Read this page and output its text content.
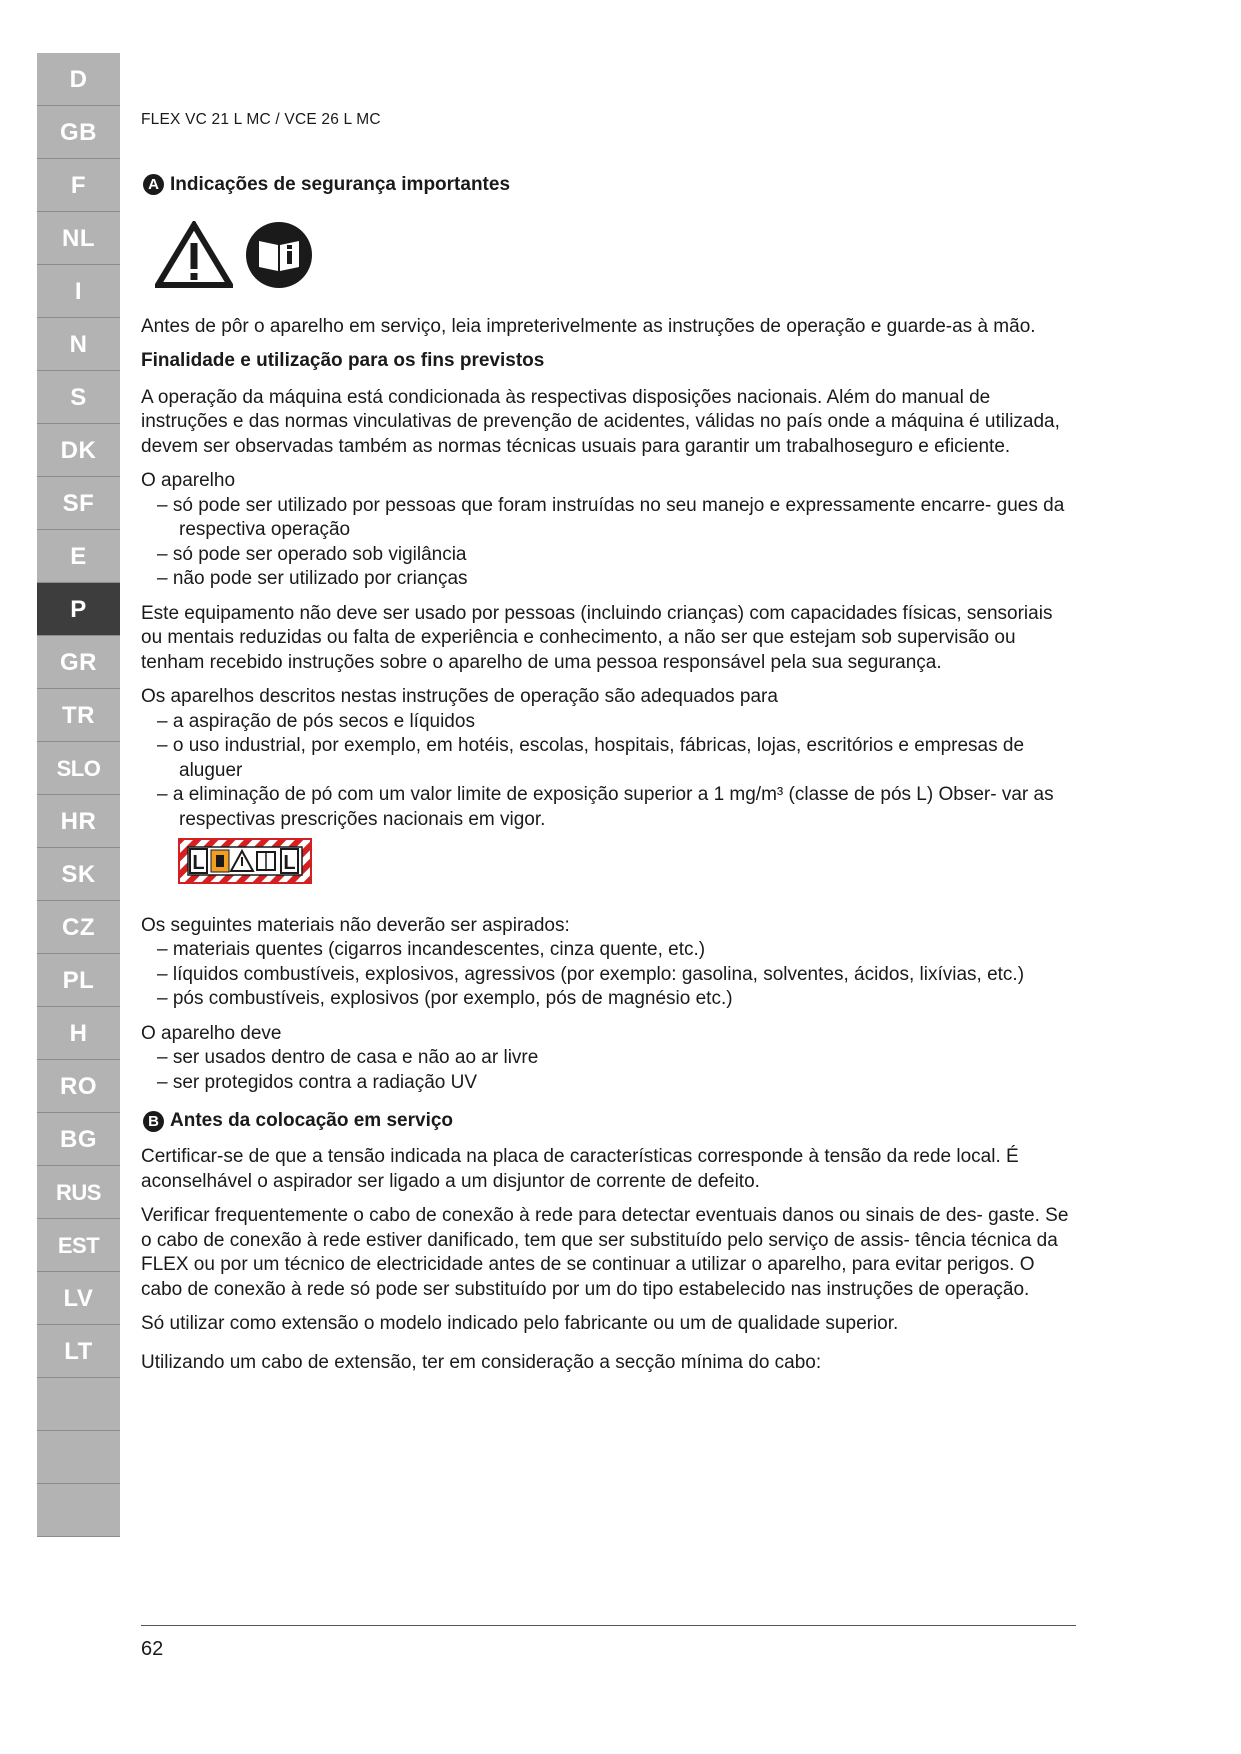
D
GB
F
NL
I
N
S
DK
SF
E
P
GR
TR
SLO
HR
SK
CZ
PL
H
RO
BG
RUS
EST
LV
LT
FLEX VC 21 L MC / VCE 26 L MC
A Indicações de segurança importantes

Antes de pôr o aparelho em serviço, leia impreterivelmente as instruções de operação e guarde-as à mão.

Finalidade e utilização para os fins previstos

A operação da máquina está condicionada às respectivas disposições nacionais. Além do manual de instruções e das normas vinculativas de prevenção de acidentes, válidas no país onde a máquina é utilizada, devem ser observadas também as normas técnicas usuais para garantir um trabalhoseguro e eficiente.

O aparelho
– só pode ser utilizado por pessoas que foram instruídas no seu manejo e expressamente encarre- gues da respectiva operação
– só pode ser operado sob vigilância
– não pode ser utilizado por crianças

Este equipamento não deve ser usado por pessoas (incluindo crianças) com capacidades físicas, sensoriais ou mentais reduzidas ou falta de experiência e conhecimento, a não ser que estejam sob supervisão ou tenham recebido instruções sobre o aparelho de uma pessoa responsável pela sua segurança.

Os aparelhos descritos nestas instruções de operação são adequados para
– a aspiração de pós secos e líquidos
– o uso industrial, por exemplo, em hotéis, escolas, hospitais, fábricas, lojas, escritórios e empresas de aluguer
– a eliminação de pó com um valor limite de exposição superior a 1 mg/m³ (classe de pós L) Obser- var as respectivas prescrições nacionais em vigor.
L	L
Os seguintes materiais não deverão ser aspirados:
– materiais quentes (cigarros incandescentes, cinza quente, etc.)
– líquidos combustíveis, explosivos, agressivos (por exemplo: gasolina, solventes, ácidos, lixívias, etc.)
– pós combustíveis, explosivos (por exemplo, pós de magnésio etc.)
O aparelho deve
– ser usados dentro de casa e não ao ar livre
– ser protegidos contra a radiação UV
B Antes da colocação em serviço

Certificar-se de que a tensão indicada na placa de características corresponde à tensão da rede local. É aconselhável o aspirador ser ligado a um disjuntor de corrente de defeito.

Verificar frequentemente o cabo de conexão à rede para detectar eventuais danos ou sinais de des- gaste. Se o cabo de conexão à rede estiver danificado, tem que ser substituído pelo serviço de assis- tência técnica da FLEX ou por um técnico de electricidade antes de se continuar a utilizar o aparelho, para evitar perigos. O cabo de conexão à rede só pode ser substituído por um do tipo estabelecido nas instruções de operação.

Só utilizar como extensão o modelo indicado pelo fabricante ou um de qualidade superior.

Utilizando um cabo de extensão, ter em consideração a secção mínima do cabo:

62
